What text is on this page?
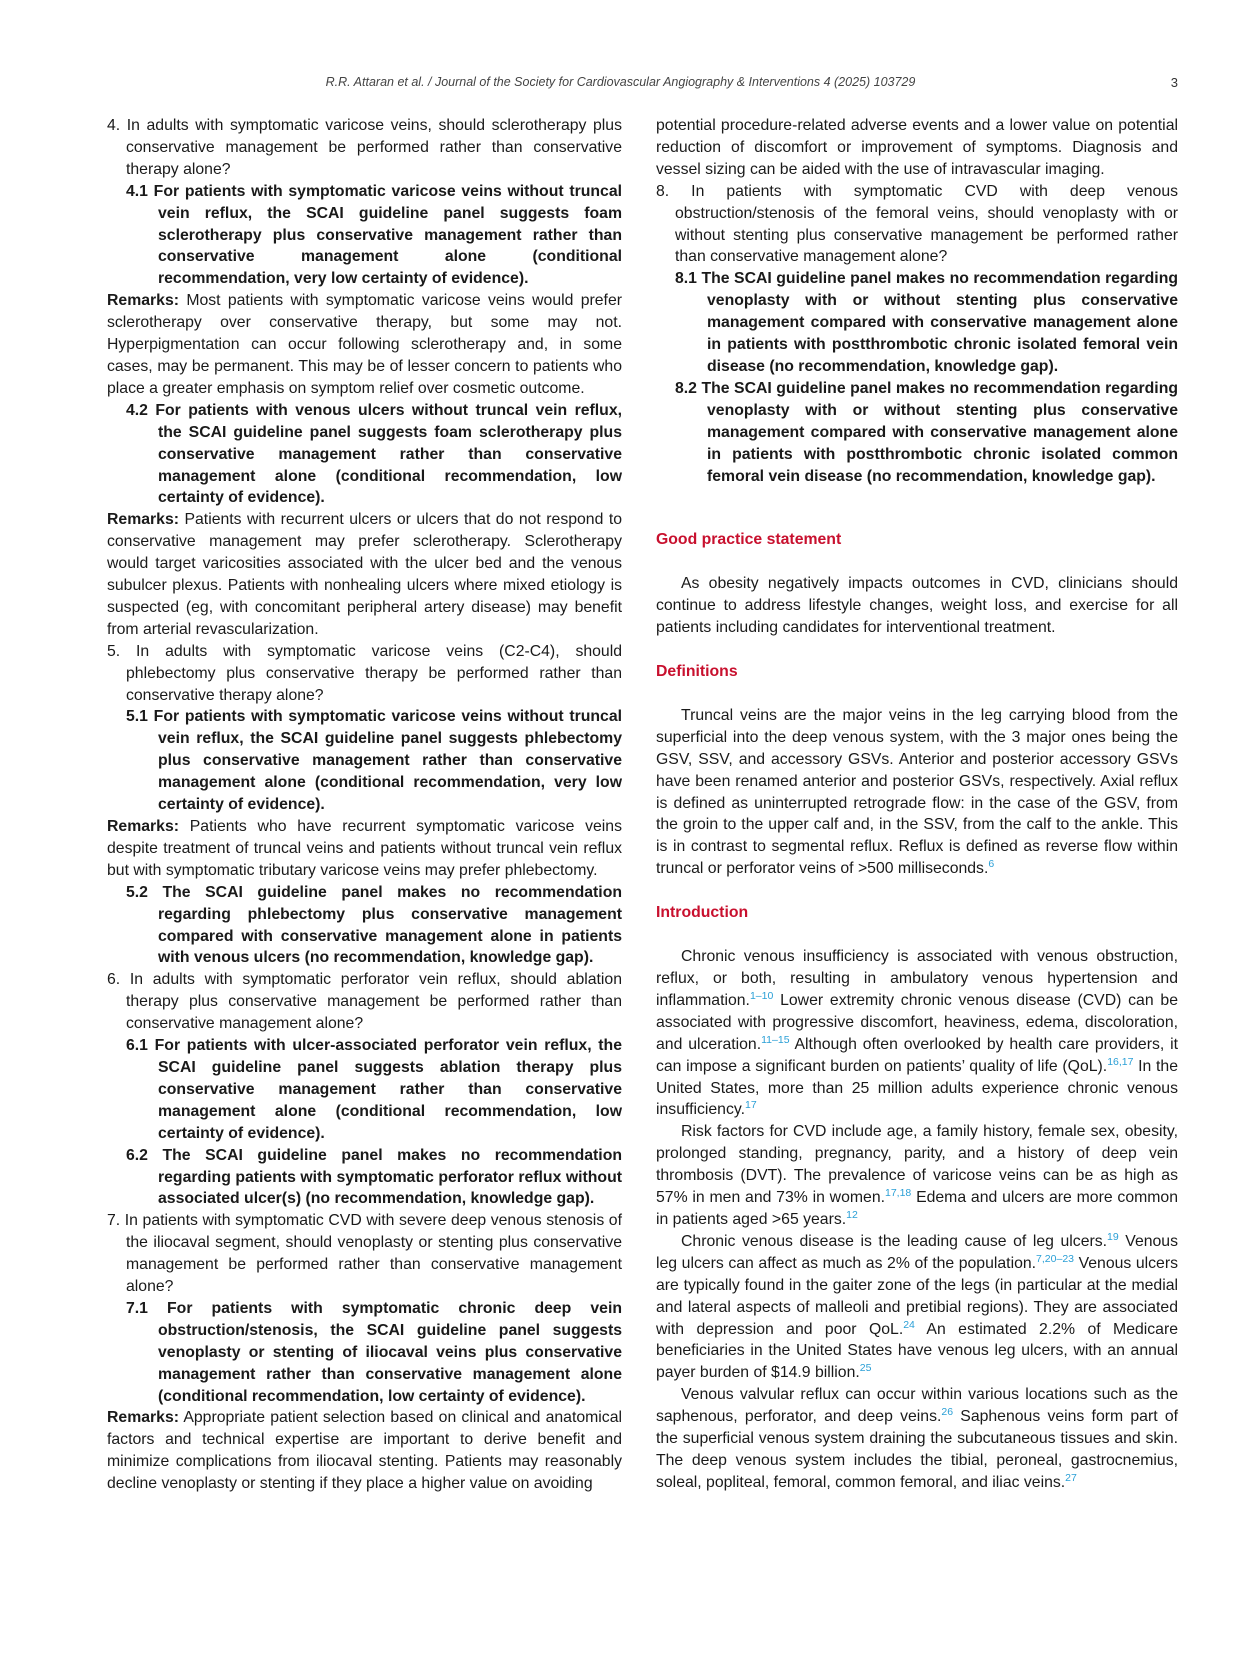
R.R. Attaran et al. / Journal of the Society for Cardiovascular Angiography & Interventions 4 (2025) 103729	3

4. In adults with symptomatic varicose veins, should sclerotherapy plus conservative management be performed rather than conservative therapy alone?

4.1 For patients with symptomatic varicose veins without truncal vein reflux, the SCAI guideline panel suggests foam sclerotherapy plus conservative management rather than conservative management alone (conditional recommendation, very low certainty of evidence).

Remarks: Most patients with symptomatic varicose veins would prefer sclerotherapy over conservative therapy, but some may not. Hyperpigmentation can occur following sclerotherapy and, in some cases, may be permanent. This may be of lesser concern to patients who place a greater emphasis on symptom relief over cosmetic outcome.

4.2 For patients with venous ulcers without truncal vein reflux, the SCAI guideline panel suggests foam sclerotherapy plus conservative management rather than conservative management alone (conditional recommendation, low certainty of evidence).

Remarks: Patients with recurrent ulcers or ulcers that do not respond to conservative management may prefer sclerotherapy. Sclerotherapy would target varicosities associated with the ulcer bed and the venous subulcer plexus. Patients with nonhealing ulcers where mixed etiology is suspected (eg, with concomitant peripheral artery disease) may benefit from arterial revascularization.

5. In adults with symptomatic varicose veins (C2-C4), should phlebectomy plus conservative therapy be performed rather than conservative therapy alone?

5.1 For patients with symptomatic varicose veins without truncal vein reflux, the SCAI guideline panel suggests phlebectomy plus conservative management rather than conservative management alone (conditional recommendation, very low certainty of evidence).

Remarks: Patients who have recurrent symptomatic varicose veins despite treatment of truncal veins and patients without truncal vein reflux but with symptomatic tributary varicose veins may prefer phlebectomy.

5.2 The SCAI guideline panel makes no recommendation regarding phlebectomy plus conservative management compared with conservative management alone in patients with venous ulcers (no recommendation, knowledge gap).

6. In adults with symptomatic perforator vein reflux, should ablation therapy plus conservative management be performed rather than conservative management alone?

6.1 For patients with ulcer-associated perforator vein reflux, the SCAI guideline panel suggests ablation therapy plus conservative management rather than conservative management alone (conditional recommendation, low certainty of evidence).

6.2 The SCAI guideline panel makes no recommendation regarding patients with symptomatic perforator reflux without associated ulcer(s) (no recommendation, knowledge gap).

7. In patients with symptomatic CVD with severe deep venous stenosis of the iliocaval segment, should venoplasty or stenting plus conservative management be performed rather than conservative management alone?

7.1 For patients with symptomatic chronic deep vein obstruction/stenosis, the SCAI guideline panel suggests venoplasty or stenting of iliocaval veins plus conservative management rather than conservative management alone (conditional recommendation, low certainty of evidence).

Remarks: Appropriate patient selection based on clinical and anatomical factors and technical expertise are important to derive benefit and minimize complications from iliocaval stenting. Patients may reasonably decline venoplasty or stenting if they place a higher value on avoiding

potential procedure-related adverse events and a lower value on potential reduction of discomfort or improvement of symptoms. Diagnosis and vessel sizing can be aided with the use of intravascular imaging.

8. In patients with symptomatic CVD with deep venous obstruction/stenosis of the femoral veins, should venoplasty with or without stenting plus conservative management be performed rather than conservative management alone?

8.1 The SCAI guideline panel makes no recommendation regarding venoplasty with or without stenting plus conservative management compared with conservative management alone in patients with postthrombotic chronic isolated femoral vein disease (no recommendation, knowledge gap).

8.2 The SCAI guideline panel makes no recommendation regarding venoplasty with or without stenting plus conservative management compared with conservative management alone in patients with postthrombotic chronic isolated common femoral vein disease (no recommendation, knowledge gap).

Good practice statement

As obesity negatively impacts outcomes in CVD, clinicians should continue to address lifestyle changes, weight loss, and exercise for all patients including candidates for interventional treatment.

Definitions

Truncal veins are the major veins in the leg carrying blood from the superficial into the deep venous system, with the 3 major ones being the GSV, SSV, and accessory GSVs. Anterior and posterior accessory GSVs have been renamed anterior and posterior GSVs, respectively. Axial reflux is defined as uninterrupted retrograde flow: in the case of the GSV, from the groin to the upper calf and, in the SSV, from the calf to the ankle. This is in contrast to segmental reflux. Reflux is defined as reverse flow within truncal or perforator veins of >500 milliseconds.$^6$

Introduction

Chronic venous insufficiency is associated with venous obstruction, reflux, or both, resulting in ambulatory venous hypertension and inflammation.$^{1-10}$ Lower extremity chronic venous disease (CVD) can be associated with progressive discomfort, heaviness, edema, discoloration, and ulceration.$^{11-15}$ Although often overlooked by health care providers, it can impose a significant burden on patients’ quality of life (QoL).$^{16,17}$ In the United States, more than 25 million adults experience chronic venous insufficiency.$^{17}$

Risk factors for CVD include age, a family history, female sex, obesity, prolonged standing, pregnancy, parity, and a history of deep vein thrombosis (DVT). The prevalence of varicose veins can be as high as 57% in men and 73% in women.$^{17,18}$ Edema and ulcers are more common in patients aged >65 years.$^{12}$

Chronic venous disease is the leading cause of leg ulcers.$^{19}$ Venous leg ulcers can affect as much as 2% of the population.$^{7,20-23}$ Venous ulcers are typically found in the gaiter zone of the legs (in particular at the medial and lateral aspects of malleoli and pretibial regions). They are associated with depression and poor QoL.$^{24}$ An estimated 2.2% of Medicare beneficiaries in the United States have venous leg ulcers, with an annual payer burden of $14.9 billion.$^{25}$

Venous valvular reflux can occur within various locations such as the saphenous, perforator, and deep veins.$^{26}$ Saphenous veins form part of the superficial venous system draining the subcutaneous tissues and skin. The deep venous system includes the tibial, peroneal, gastrocnemius, soleal, popliteal, femoral, common femoral, and iliac veins.$^{27}$
